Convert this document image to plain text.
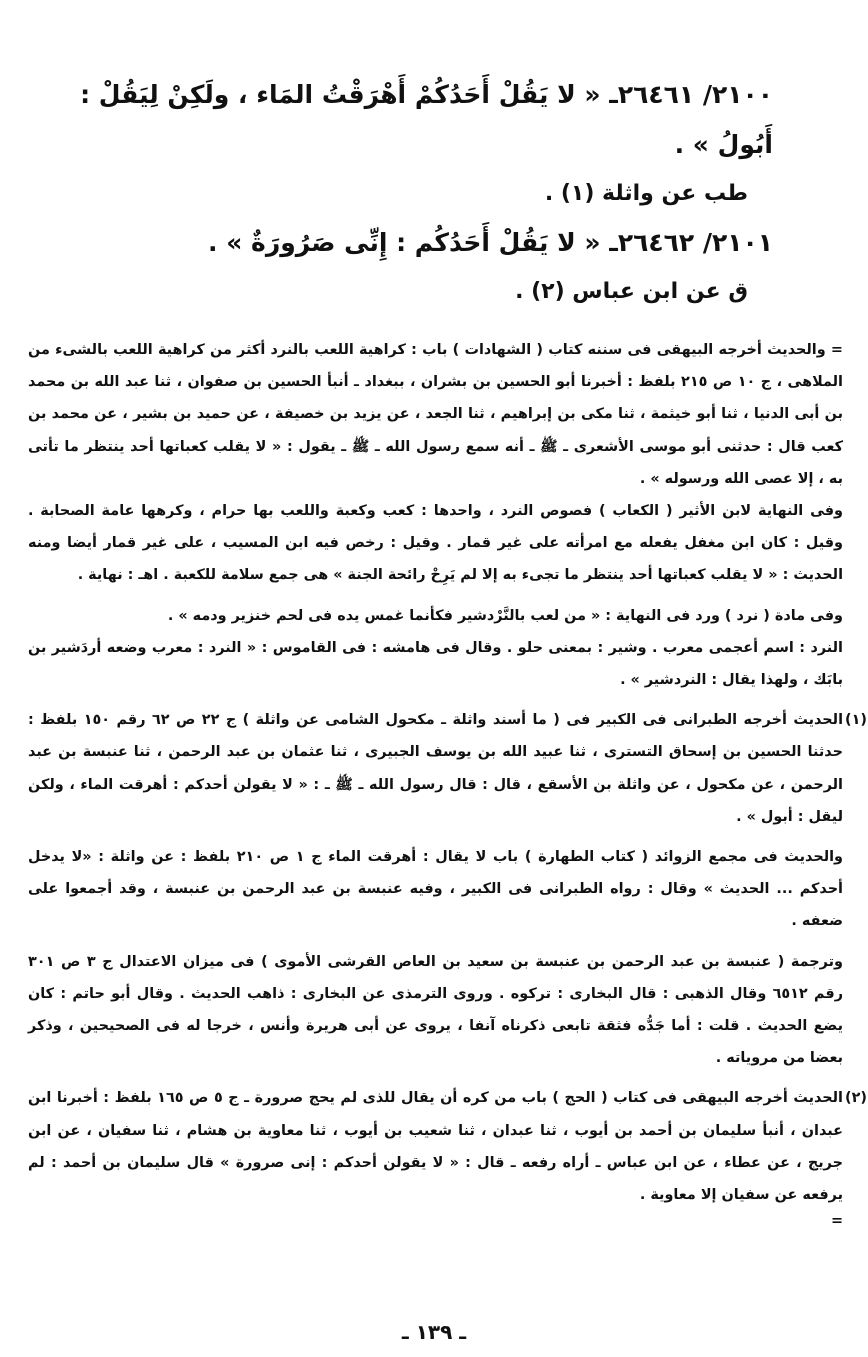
٢١٠٠/ ٢٦٤٦١ـ « لا يَقُلْ أَحَدُكُمْ أَهْرَقْتُ المَاء ، ولَكِنْ لِيَقُلْ : أَبُولُ » .

طب عن واثلة (١) .

٢١٠١/ ٢٦٤٦٢ـ « لا يَقُلْ أَحَدُكُم : إِنِّى صَرُورَةٌ » .

ق عن ابن عباس (٢) .

= والحديث أخرجه البيهقى فى سننه كتاب ( الشهادات ) باب : كراهية اللعب بالنرد أكثر من كراهية اللعب بالشىء من الملاهى ، ج ١٠ ص ٢١٥ بلفظ : أخبرنا أبو الحسين بن بشران ، ببغداد ـ أنبأ الحسين بن صفوان ، ثنا عبد الله بن محمد بن أبى الدنيا ، ثنا أبو خيثمة ، ثنا مكى بن إبراهيم ، ثنا الجعد ، عن يزيد بن خصيفة ، عن حميد بن بشير ، عن محمد بن كعب قال : حدثنى أبو موسى الأشعرى ـ ﷺ ـ أنه سمع رسول الله ـ ﷺ ـ يقول : « لا يقلب كعباتها أحد ينتظر ما تأتى به ، إلا عصى الله ورسوله » .

وفى النهاية لابن الأثير ( الكعاب ) فصوص النرد ، واحدها : كعب وكعبة واللعب بها حرام ، وكرهها عامة الصحابة . وقيل : كان ابن مغفل يفعله مع امرأته على غير قمار . وقيل : رخص فيه ابن المسيب ، على غير قمار أيضا ومنه الحديث : « لا يقلب كعباتها أحد ينتظر ما تجىء به إلا لم يَرِحْ رائحة الجنة » هى جمع سلامة للكعبة . اهـ : نهاية .

وفى مادة ( نرد ) ورد فى النهاية : « من لعب بالنَّرْدشير فكأنما غمس يده فى لحم خنزير ودمه » .

النرد : اسم أعجمى معرب . وشير : بمعنى حلو . وقال فى هامشه : فى القاموس : « النرد : معرب وضعه أردَشير بن بابَك ، ولهذا يقال : النردشير » .

(١)
الحديث أخرجه الطبرانى فى الكبير فى ( ما أسند واثلة ـ مكحول الشامى عن واثلة ) ج ٢٢ ص ٦٢ رقم ١٥٠ بلفظ : حدثنا الحسين بن إسحاق التسترى ، ثنا عبيد الله بن يوسف الجبيرى ، ثنا عثمان بن عبد الرحمن ، ثنا عنبسة بن عبد الرحمن ، عن مكحول ، عن واثلة بن الأسقع ، قال : قال رسول الله ـ ﷺ ـ : « لا يقولن أحدكم : أهرقت الماء ، ولكن ليقل : أبول » .

والحديث فى مجمع الزوائد ( كتاب الطهارة ) باب لا يقال : أهرقت الماء ج ١ ص ٢١٠ بلفظ : عن واثلة : «لا يدخل أحدكم ... الحديث » وقال : رواه الطبرانى فى الكبير ، وفيه عنبسة بن عبد الرحمن بن عنبسة ، وقد أجمعوا على ضعفه .

وترجمة ( عنبسة بن عبد الرحمن بن عنبسة بن سعيد بن العاص القرشى الأموى ) فى ميزان الاعتدال ج ٣ ص ٣٠١ رقم ٦٥١٢ وقال الذهبى : قال البخارى : تركوه . وروى الترمذى عن البخارى : ذاهب الحديث . وقال أبو حاتم : كان يضع الحديث . قلت : أما جَدُّه فثقة تابعى ذكرناه آنفا ، يروى عن أبى هريرة وأنس ، خرجا له فى الصحيحين ، وذكر بعضا من مروياته .

(٢)
الحديث أخرجه البيهقى فى كتاب ( الحج ) باب من كره أن يقال للذى لم يحج صرورة ـ ج ٥ ص ١٦٥ بلفظ : أخبرنا ابن عبدان ، أنبأ سليمان بن أحمد بن أيوب ، ثنا عبدان ، ثنا شعيب بن أيوب ، ثنا معاوية بن هشام ، ثنا سفيان ، عن ابن جريج ، عن عطاء ، عن ابن عباس ـ أراه رفعه ـ قال : « لا يقولن أحدكم : إنى صرورة » قال سليمان بن أحمد : لم يرفعه عن سفيان إلا معاوية .

=

ـ ١٣٩ ـ
